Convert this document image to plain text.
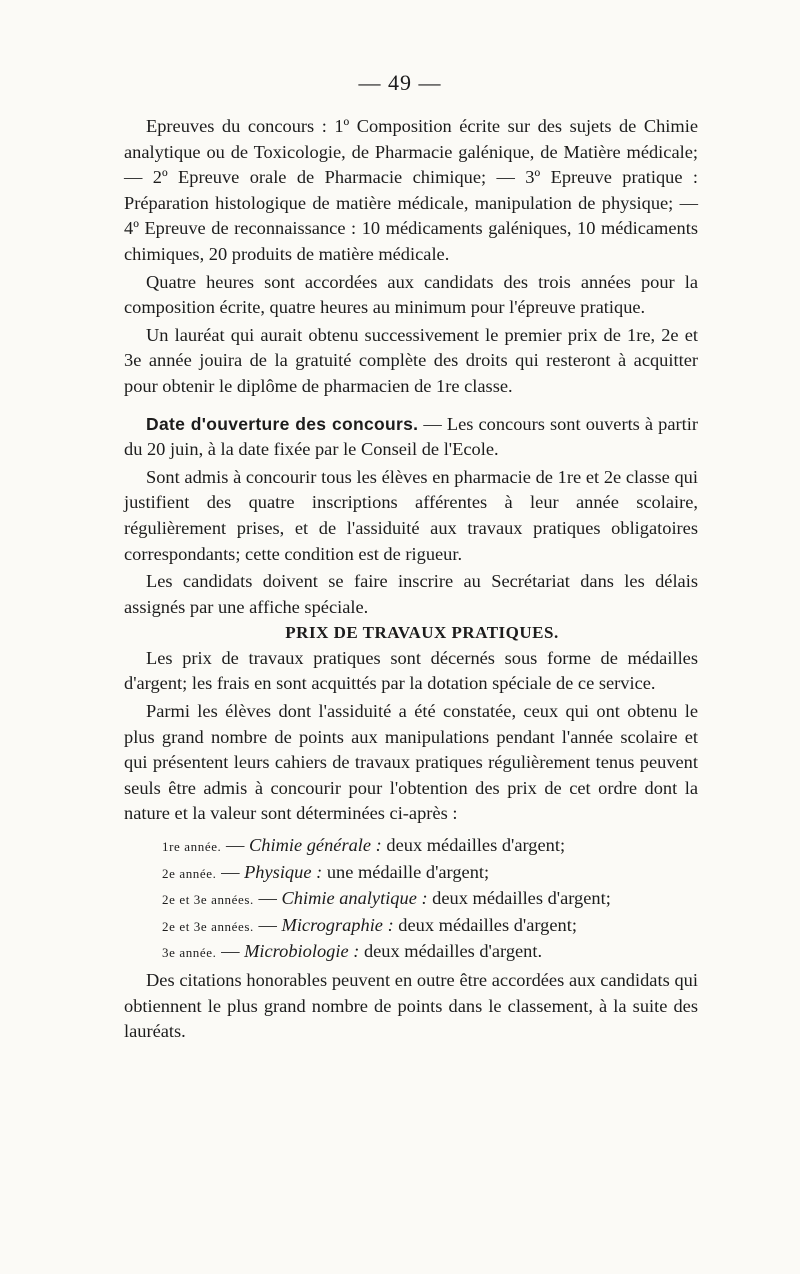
— 49 —

Epreuves du concours : 1º Composition écrite sur des sujets de Chimie analytique ou de Toxicologie, de Pharmacie galénique, de Matière médicale; — 2º Epreuve orale de Pharmacie chimique; — 3º Epreuve pratique : Préparation histologique de matière médicale, manipulation de physique; — 4º Epreuve de reconnaissance : 10 médicaments galéniques, 10 médicaments chimiques, 20 produits de matière médicale.

Quatre heures sont accordées aux candidats des trois années pour la composition écrite, quatre heures au minimum pour l'épreuve pratique.

Un lauréat qui aurait obtenu successivement le premier prix de 1re, 2e et 3e année jouira de la gratuité complète des droits qui resteront à acquitter pour obtenir le diplôme de pharmacien de 1re classe.

Date d'ouverture des concours. — Les concours sont ouverts à partir du 20 juin, à la date fixée par le Conseil de l'Ecole.

Sont admis à concourir tous les élèves en pharmacie de 1re et 2e classe qui justifient des quatre inscriptions afférentes à leur année scolaire, régulièrement prises, et de l'assiduité aux travaux pratiques obligatoires correspondants; cette condition est de rigueur.

Les candidats doivent se faire inscrire au Secrétariat dans les délais assignés par une affiche spéciale.

PRIX DE TRAVAUX PRATIQUES.

Les prix de travaux pratiques sont décernés sous forme de médailles d'argent; les frais en sont acquittés par la dotation spéciale de ce service.

Parmi les élèves dont l'assiduité a été constatée, ceux qui ont obtenu le plus grand nombre de points aux manipulations pendant l'année scolaire et qui présentent leurs cahiers de travaux pratiques régulièrement tenus peuvent seuls être admis à concourir pour l'obtention des prix de cet ordre dont la nature et la valeur sont déterminées ci-après :

1re année. — Chimie générale : deux médailles d'argent;

2e année. — Physique : une médaille d'argent;

2e et 3e années. — Chimie analytique : deux médailles d'argent;

2e et 3e années. — Micrographie : deux médailles d'argent;

3e année. — Microbiologie : deux médailles d'argent.

Des citations honorables peuvent en outre être accordées aux candidats qui obtiennent le plus grand nombre de points dans le classement, à la suite des lauréats.
